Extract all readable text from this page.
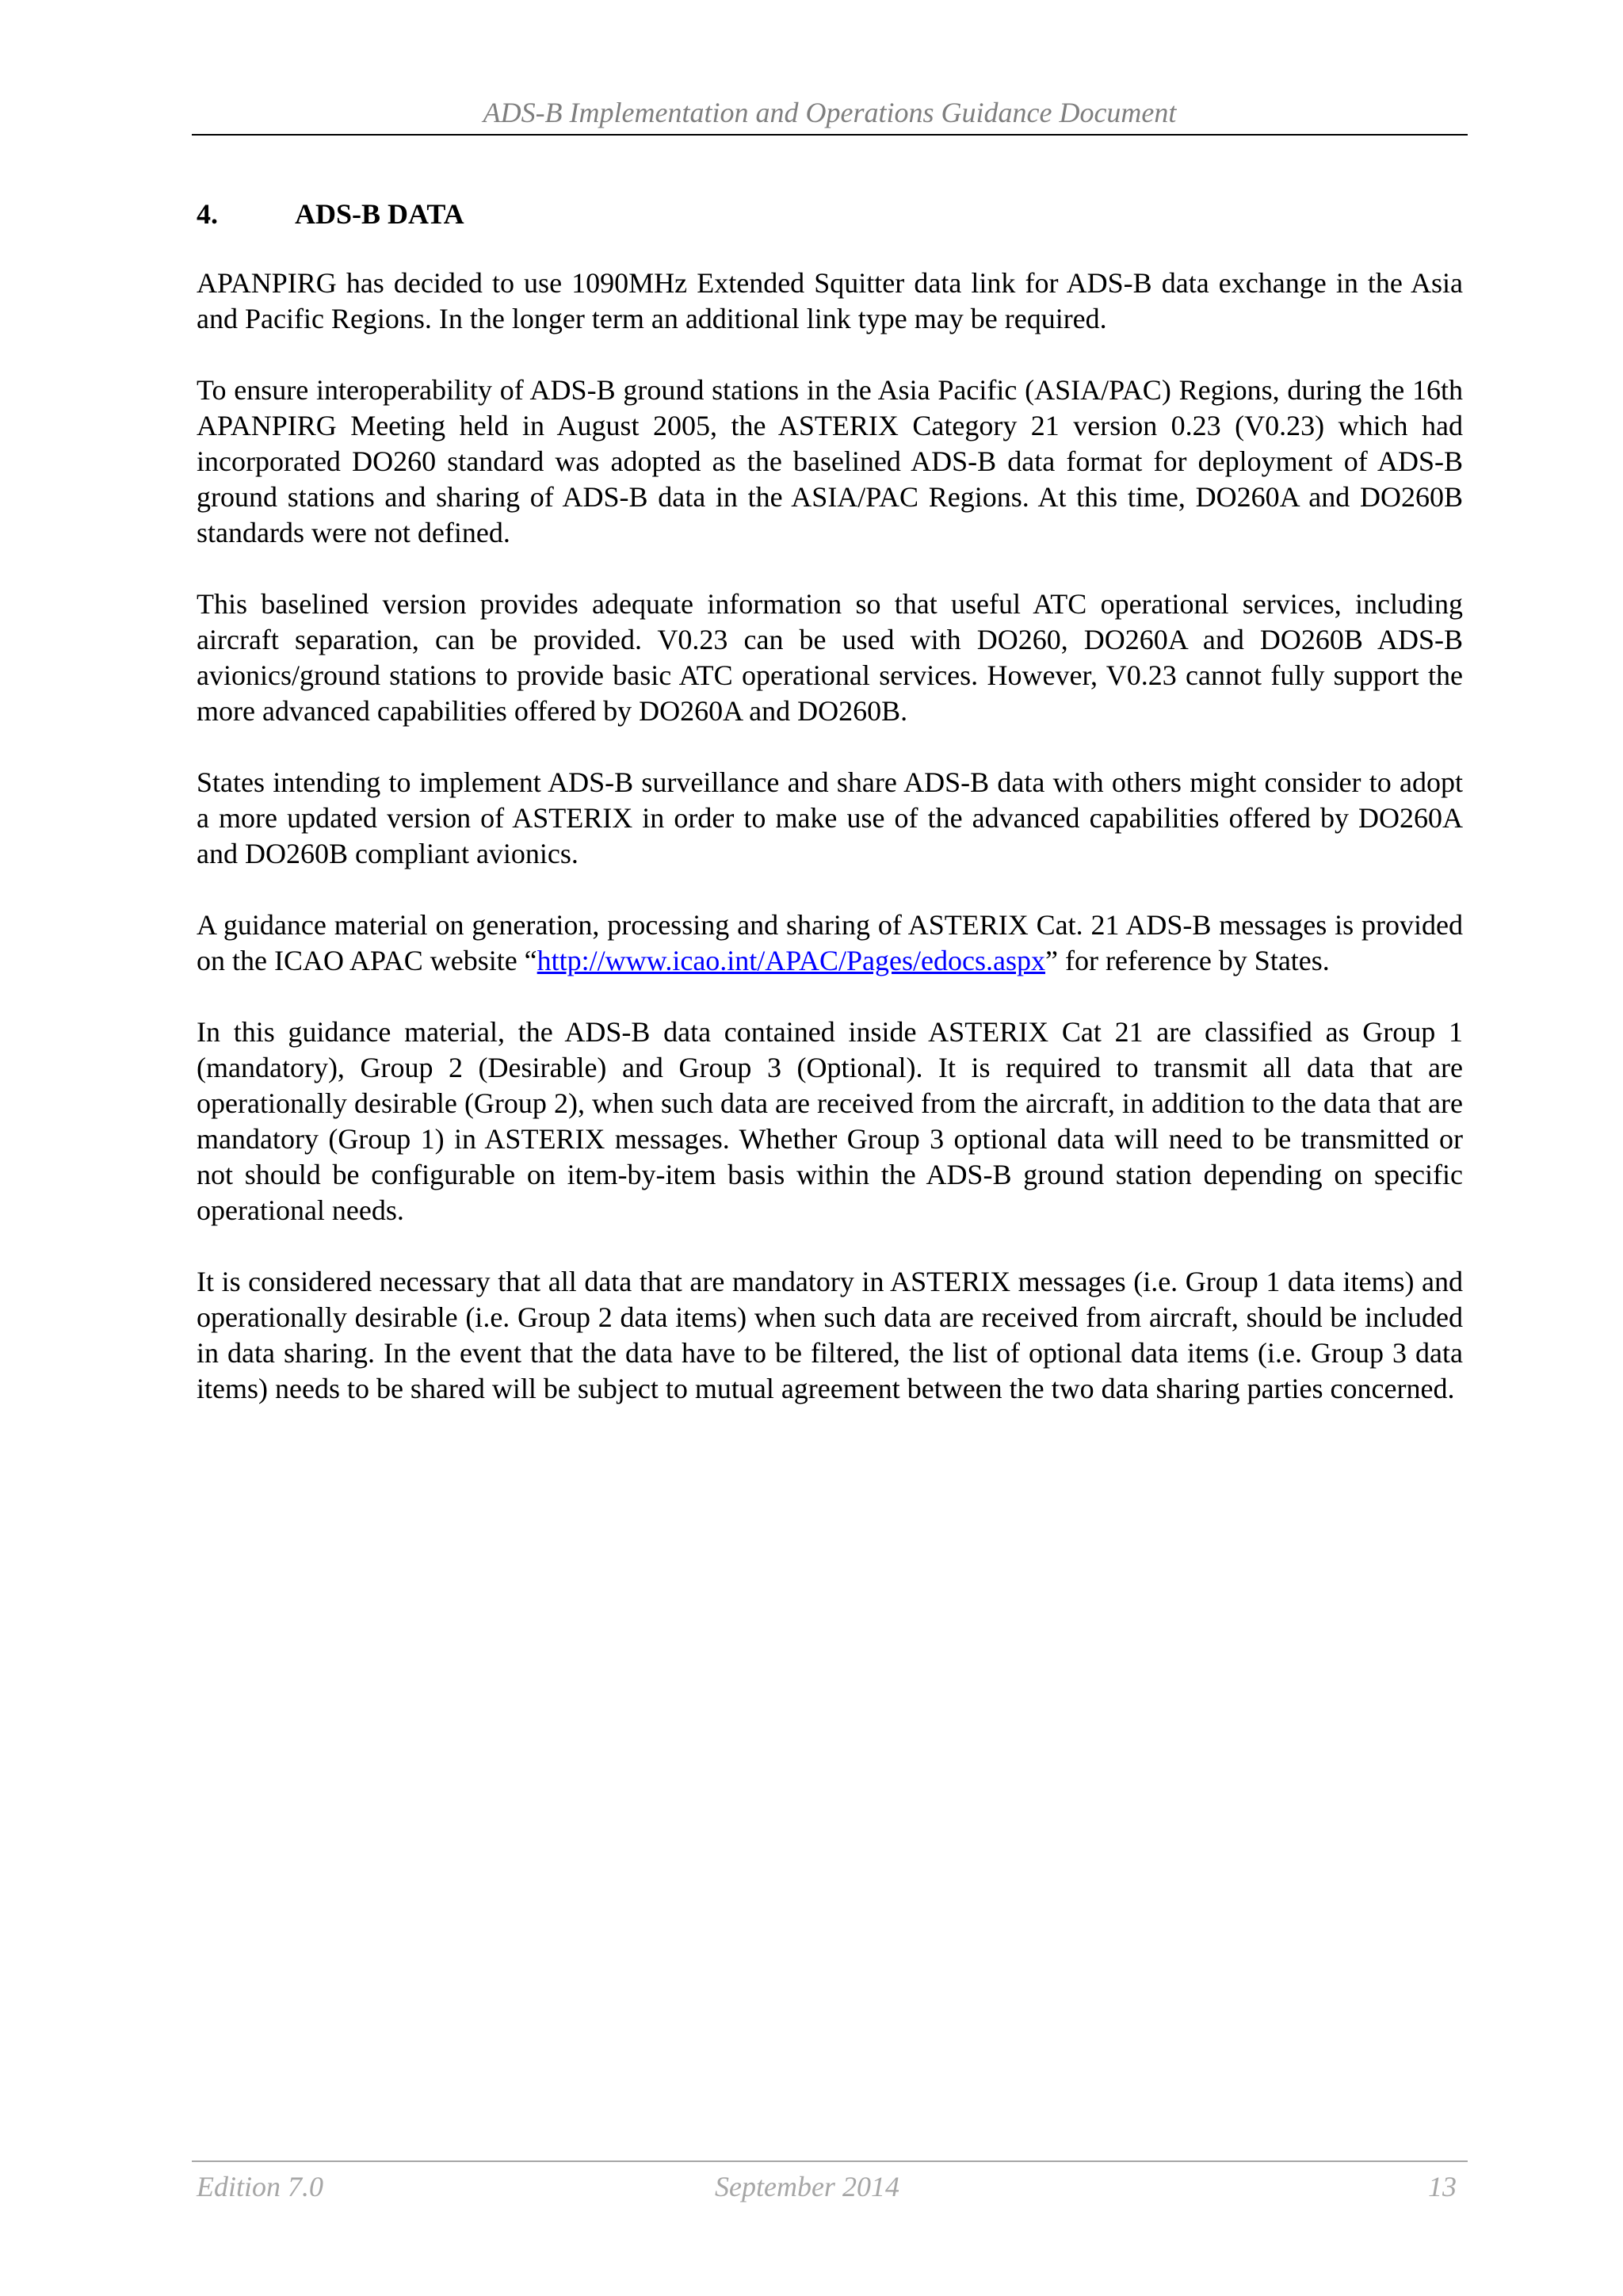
ADS-B Implementation and Operations Guidance Document
4.	ADS-B DATA

APANPIRG has decided to use 1090MHz Extended Squitter data link for ADS-B data exchange in the Asia and Pacific Regions. In the longer term an additional link type may be required.

To ensure interoperability of ADS-B ground stations in the Asia Pacific (ASIA/PAC) Regions, during the 16th APANPIRG Meeting held in August 2005, the ASTERIX Category 21 version 0.23 (V0.23) which had incorporated DO260 standard was adopted as the baselined ADS-B data format for deployment of ADS-B ground stations and sharing of ADS-B data in the ASIA/PAC Regions. At this time, DO260A and DO260B standards were not defined.

This baselined version provides adequate information so that useful ATC operational services, including aircraft separation, can be provided. V0.23 can be used with DO260, DO260A and DO260B ADS-B avionics/ground stations to provide basic ATC operational services. However, V0.23 cannot fully support the more advanced capabilities offered by DO260A and DO260B.

States intending to implement ADS-B surveillance and share ADS-B data with others might consider to adopt a more updated version of ASTERIX in order to make use of the advanced capabilities offered by DO260A and DO260B compliant avionics.

A guidance material on generation, processing and sharing of ASTERIX Cat. 21 ADS-B messages is provided on the ICAO APAC website “http://www.icao.int/APAC/Pages/edocs.aspx” for reference by States.

In this guidance material, the ADS-B data contained inside ASTERIX Cat 21 are classified as Group 1 (mandatory), Group 2 (Desirable) and Group 3 (Optional). It is required to transmit all data that are operationally desirable (Group 2), when such data are received from the aircraft, in addition to the data that are mandatory (Group 1) in ASTERIX messages. Whether Group 3 optional data will need to be transmitted or not should be configurable on item-by-item basis within the ADS-B ground station depending on specific operational needs.

It is considered necessary that all data that are mandatory in ASTERIX messages (i.e. Group 1 data items) and operationally desirable (i.e. Group 2 data items) when such data are received from aircraft, should be included in data sharing. In the event that the data have to be filtered, the list of optional data items (i.e. Group 3 data items) needs to be shared will be subject to mutual agreement between the two data sharing parties concerned.

Edition 7.0	September 2014	13
